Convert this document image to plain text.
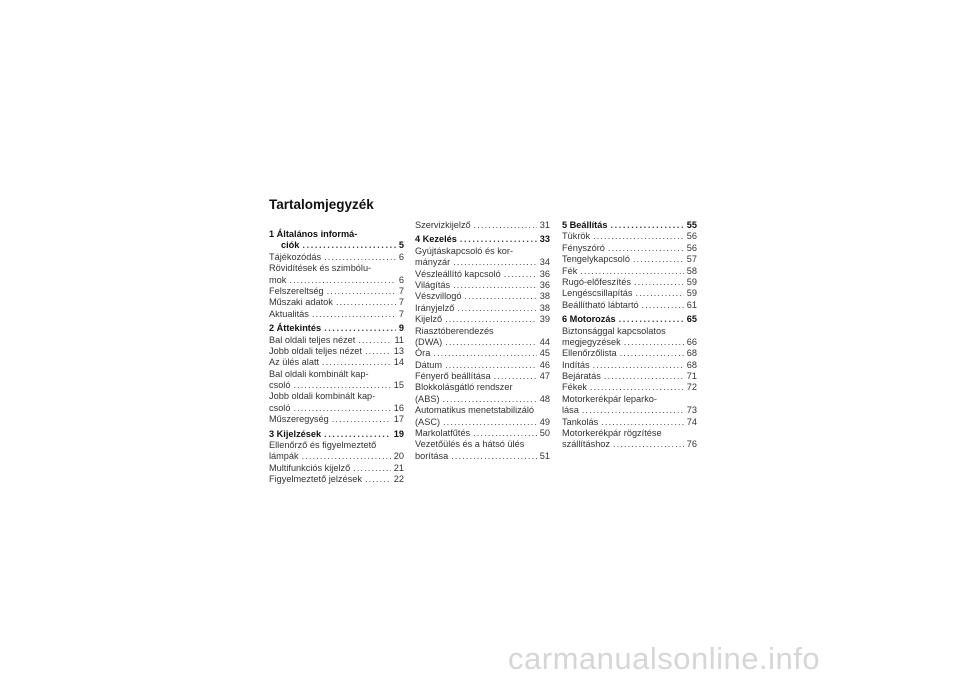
Tartalomjegyzék
1 Általános informá-
ciók .....	5
Tájékozódás .....	6
Rövidítések és szimbólu-
mok .....	6
Felszereltség .....	7
Műszaki adatok .....	7
Aktualitás .....	7
2 Áttekintés .....	9
Bal oldali teljes nézet .....	11
Jobb oldali teljes nézet .....	13
Az ülés alatt .....	14
Bal oldali kombinált kap-
csoló .....	15
Jobb oldali kombinált kap-
csoló .....	16
Műszeregység .....	17
3 Kijelzések .....	19
Ellenőrző és figyelmeztető
lámpák .....	20
Multifunkciós kijelző .....	21
Figyelmeztető jelzések .....	22
Szervizkijelző .....	31
4 Kezelés .....	33
Gyújtáskapcsoló és kor-
mányzár .....	34
Vészleállító kapcsoló .....	36
Világítás .....	36
Vészvillogó .....	38
Irányjelző .....	38
Kijelző .....	39
Riasztóberendezés
(DWA) .....	44
Óra .....	45
Dátum .....	46
Fényerő beállítása .....	47
Blokkolásgátló rendszer
(ABS) .....	48
Automatikus menetstabilizáló
(ASC) .....	49
Markolatfűtés .....	50
Vezetőülés és a hátsó ülés
borítása .....	51
5 Beállítás .....	55
Tükrök .....	56
Fényszóró .....	56
Tengelykapcsoló .....	57
Fék .....	58
Rugó-előfeszítés .....	59
Lengéscsillapítás .....	59
Beállítható lábtartó .....	61
6 Motorozás .....	65
Biztonsággal kapcsolatos
megjegyzések .....	66
Ellenőrzőlista .....	68
Indítás .....	68
Bejáratás .....	71
Fékek .....	72
Motorkerékpár leparko-
lása .....	73
Tankolás .....	74
Motorkerékpár rögzítése
szállításhoz .....	76
carmanualsonline.info
